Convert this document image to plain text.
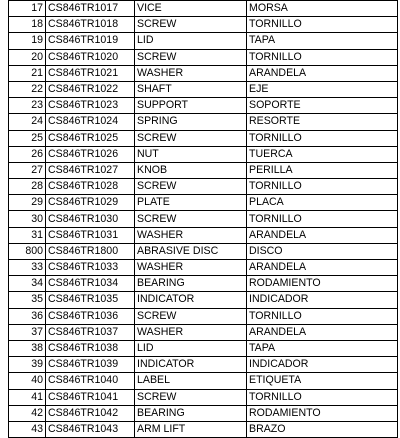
17	CS846TR1017	VICE	MORSA
18	CS846TR1018	SCREW	TORNILLO
19	CS846TR1019	LID	TAPA
20	CS846TR1020	SCREW	TORNILLO
21	CS846TR1021	WASHER	ARANDELA
22	CS846TR1022	SHAFT	EJE
23	CS846TR1023	SUPPORT	SOPORTE
24	CS846TR1024	SPRING	RESORTE
25	CS846TR1025	SCREW	TORNILLO
26	CS846TR1026	NUT	TUERCA
27	CS846TR1027	KNOB	PERILLA
28	CS846TR1028	SCREW	TORNILLO
29	CS846TR1029	PLATE	PLACA
30	CS846TR1030	SCREW	TORNILLO
31	CS846TR1031	WASHER	ARANDELA
800	CS846TR1800	ABRASIVE DISC	DISCO
33	CS846TR1033	WASHER	ARANDELA
34	CS846TR1034	BEARING	RODAMIENTO
35	CS846TR1035	INDICATOR	INDICADOR
36	CS846TR1036	SCREW	TORNILLO
37	CS846TR1037	WASHER	ARANDELA
38	CS846TR1038	LID	TAPA
39	CS846TR1039	INDICATOR	INDICADOR
40	CS846TR1040	LABEL	ETIQUETA
41	CS846TR1041	SCREW	TORNILLO
42	CS846TR1042	BEARING	RODAMIENTO
43	CS846TR1043	ARM LIFT	BRAZO
